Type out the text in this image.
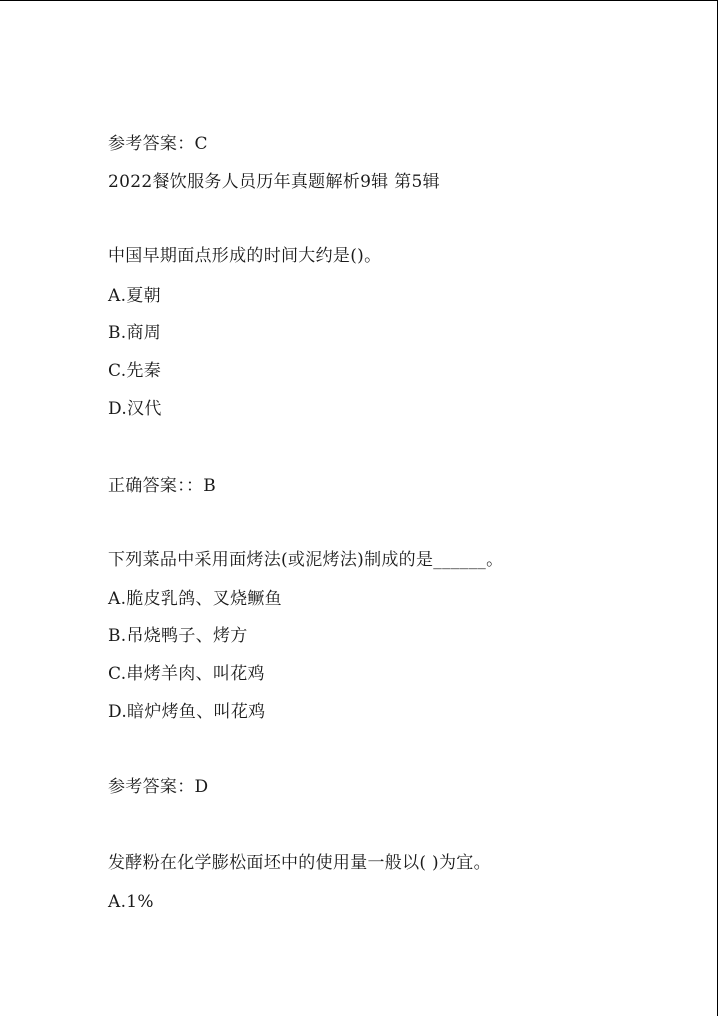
参考答案：C
2022餐饮服务人员历年真题解析9辑 第5辑
中国早期面点形成的时间大约是()。
A.夏朝
B.商周
C.先秦
D.汉代
正确答案：：B
下列菜品中采用面烤法(或泥烤法)制成的是______。
A.脆皮乳鸽、叉烧鳜鱼
B.吊烧鸭子、烤方
C.串烤羊肉、叫花鸡
D.暗炉烤鱼、叫花鸡
参考答案：D
发酵粉在化学膨松面坯中的使用量一般以( )为宜。
A.1%
